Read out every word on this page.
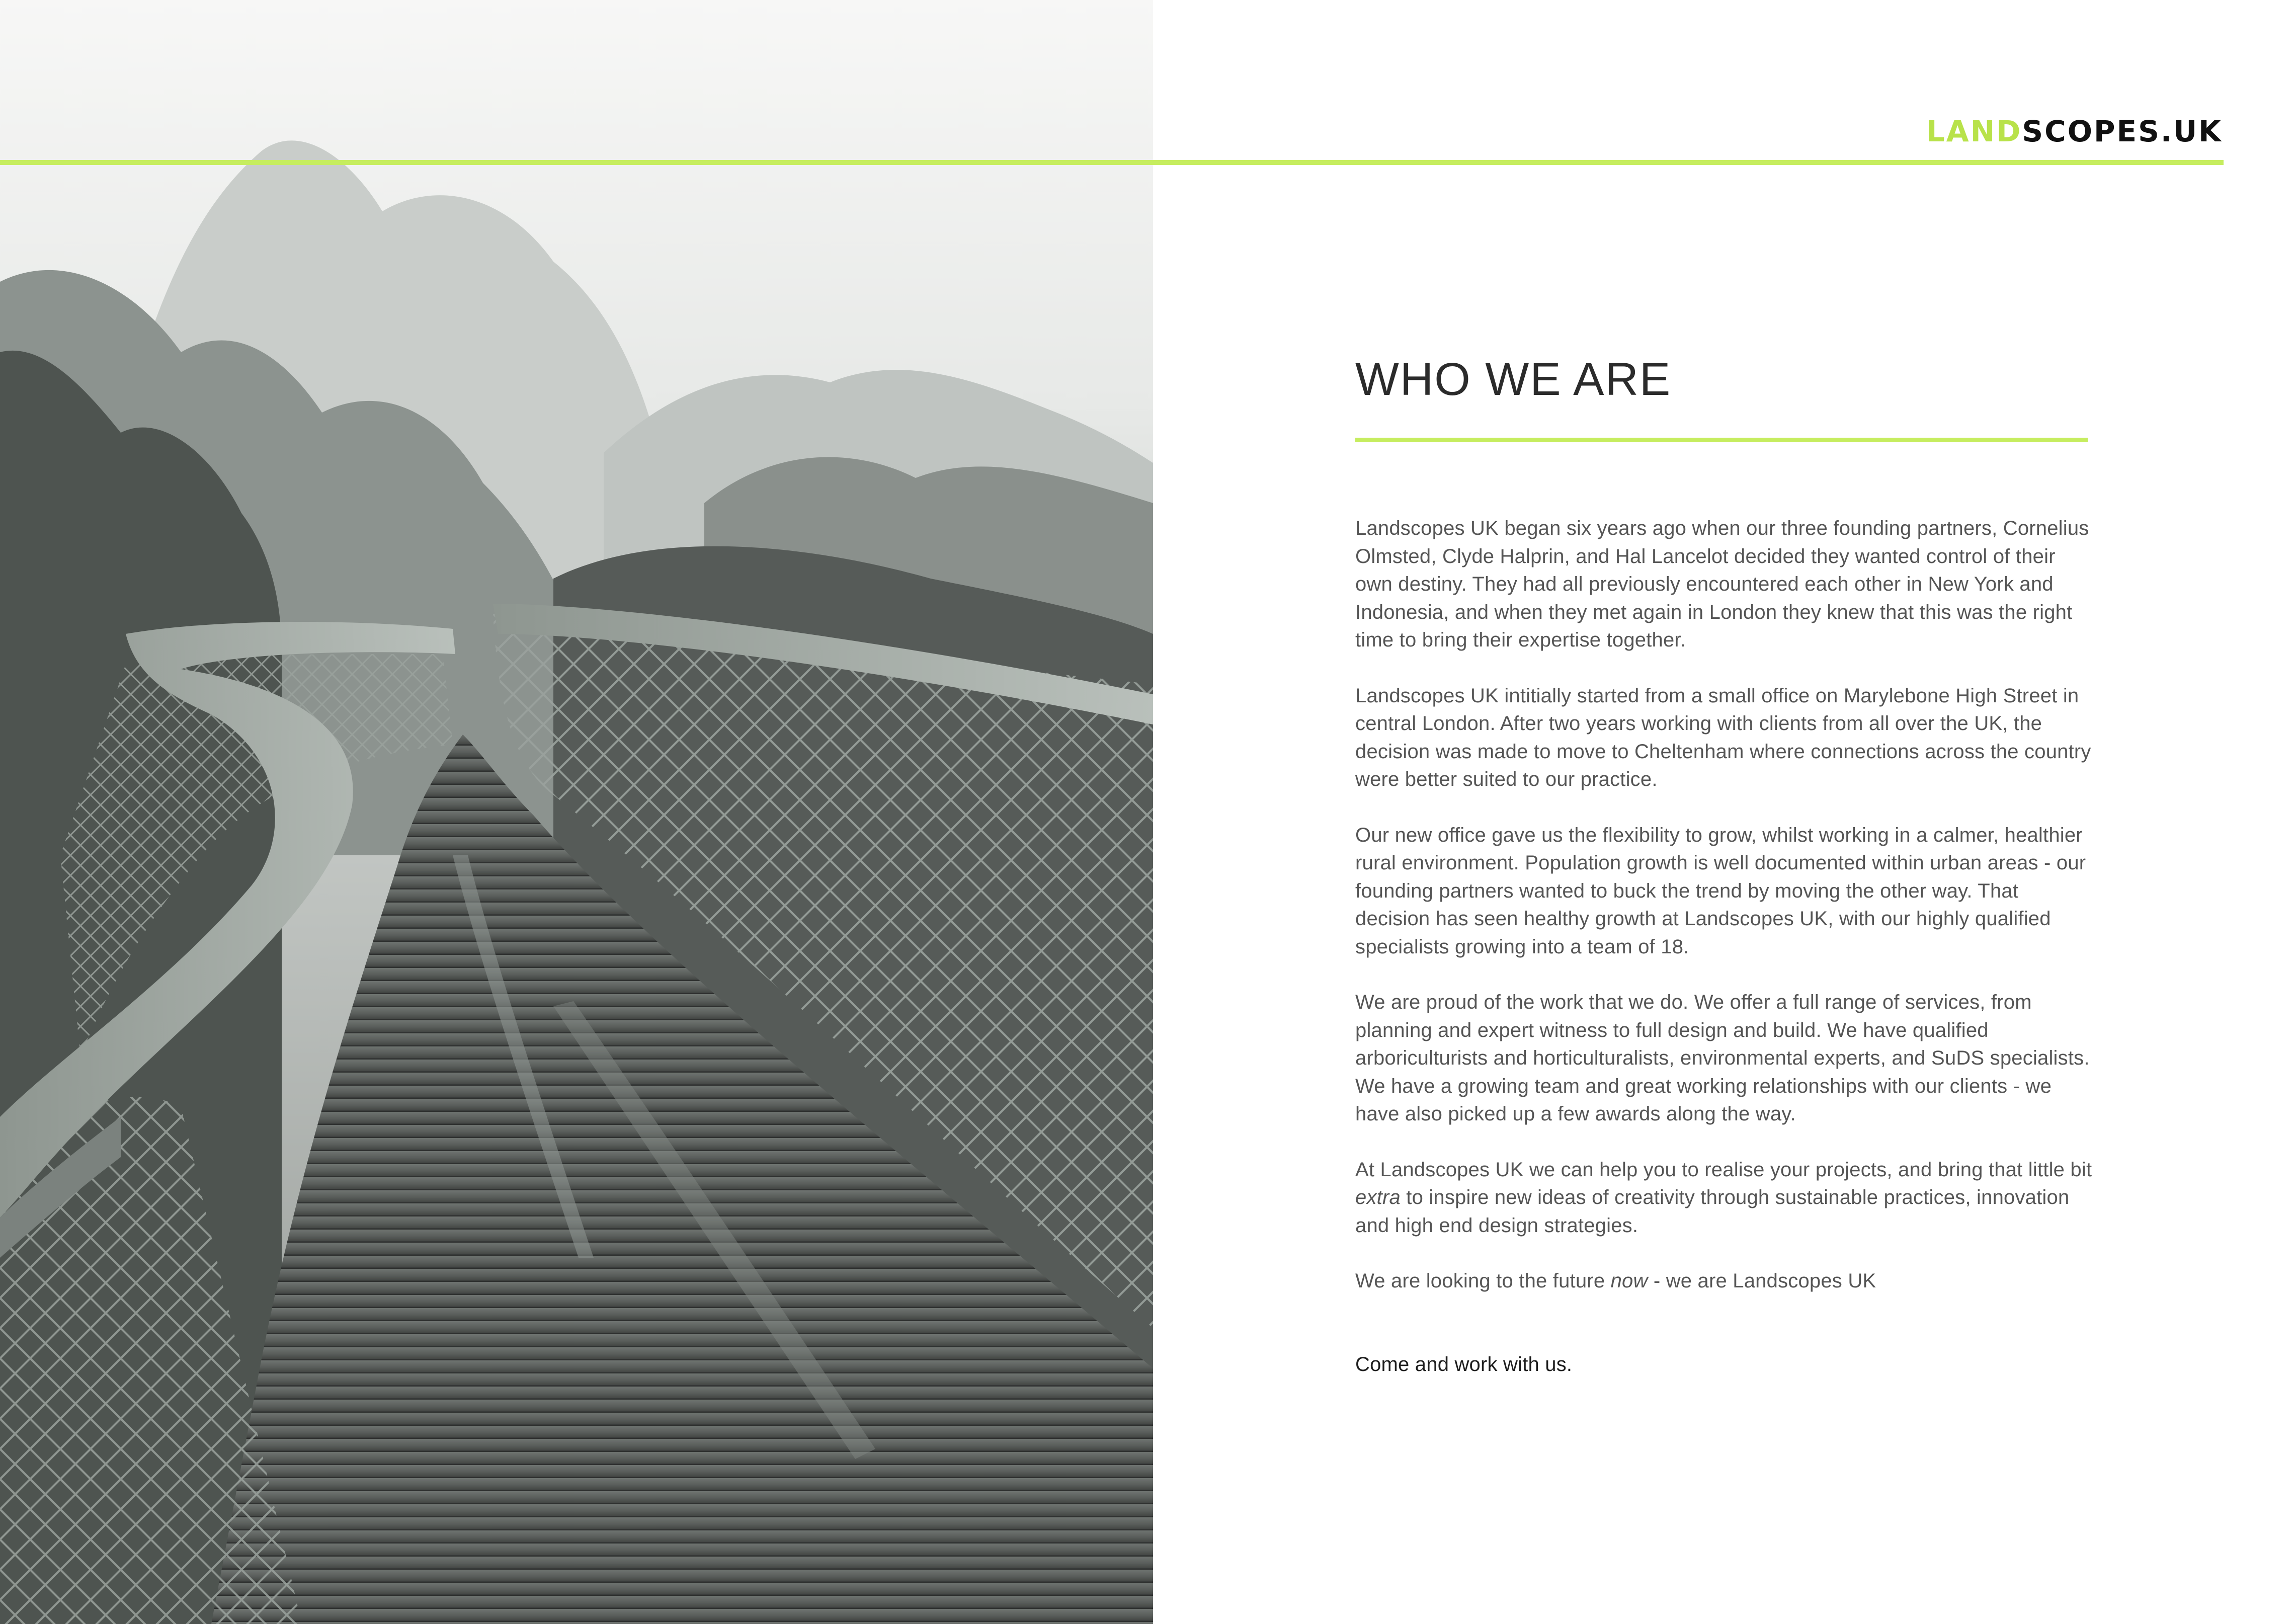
LANDSCOPES.UK
WHO WE ARE

Landscopes UK began six years ago when our three founding partners, Cornelius Olmsted, Clyde Halprin, and Hal Lancelot decided they wanted control of their own destiny. They had all previously encountered each other in New York and Indonesia, and when they met again in London they knew that this was the right time to bring their expertise together.

Landscopes UK intitially started from a small office on Marylebone High Street in central London. After two years working with clients from all over the UK, the decision was made to move to Cheltenham where connections across the country were better suited to our practice.

Our new office gave us the flexibility to grow, whilst working in a calmer, healthier rural environment. Population growth is well documented within urban areas - our founding partners wanted to buck the trend by moving the other way. That decision has seen healthy growth at Landscopes UK, with our highly qualified specialists growing into a team of 18.

We are proud of the work that we do. We offer a full range of services, from planning and expert witness to full design and build. We have qualified arboriculturists and horticulturalists, environmental experts, and SuDS specialists. We have a growing team and great working relationships with our clients - we have also picked up a few awards along the way.

At Landscopes UK we can help you to realise your projects, and bring that little bit extra to inspire new ideas of creativity through sustainable practices, innovation and high end design strategies.

We are looking to the future now - we are Landscopes UK

Come and work with us.
